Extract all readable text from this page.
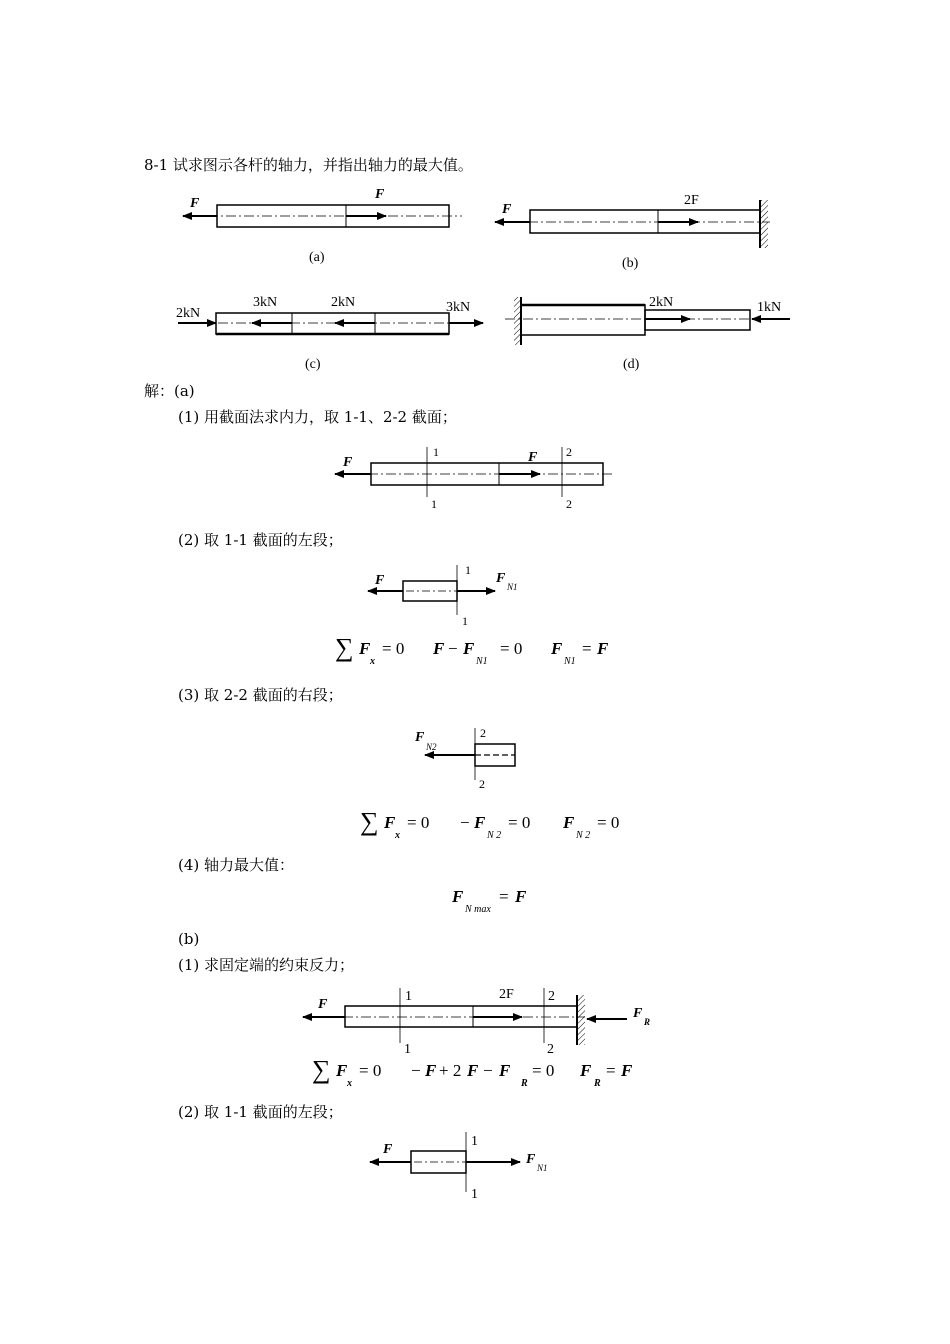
8-1 试求图示各杆的轴力，并指出轴力的最大值。
F
F
(a)
F
2F
(b)
2kN
3kN	2kN	3kN
(c)
2kN	1kN
(d)
F	F
1
1
2
2
F	F
N1
1
1
F
N2
2
2
F
2F
F
R
1
1
2
2
F
F
N1
1
1
解：(a)
(1) 用截面法求内力，取 1-1、2-2 截面；
(2) 取 1-1 截面的左段；
∑ F
x
= 0 F − F
N1
= 0 F
N1
= F
(3) 取 2-2 截面的右段；
∑ F
x
= 0 − F
N 2
= 0 F
N 2
= 0
(4) 轴力最大值：
F
N max
= F
(b)
(1) 求固定端的约束反力；
∑ F
x
= 0 − F + 2 F − F
R
= 0 F
R
= F
(2) 取 1-1 截面的左段；
